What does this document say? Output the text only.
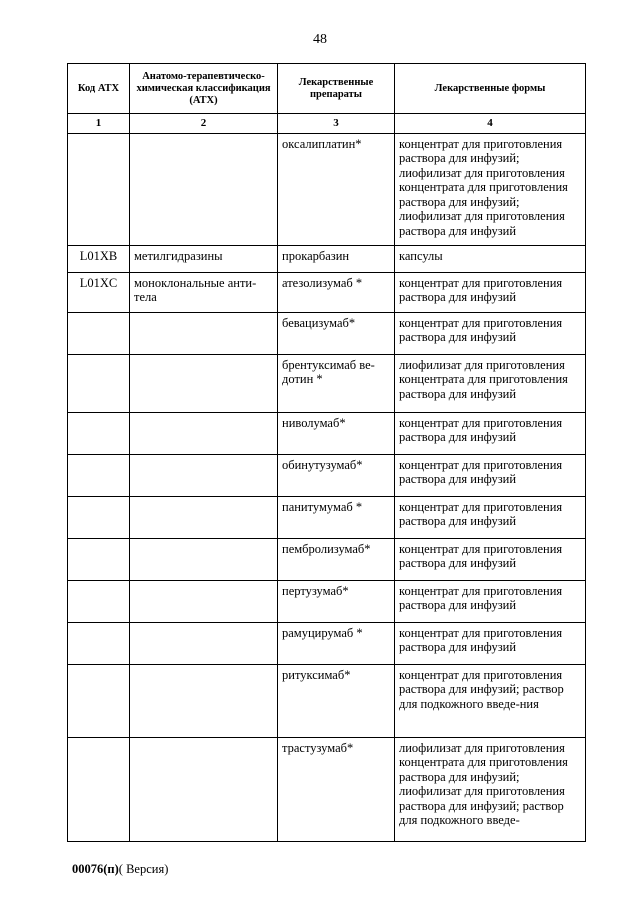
48
Код АТХ	Анатомо-терапевтическо-химическая классификация (АТХ)	Лекарственные препараты	Лекарственные формы
1	2	3	4
		оксалиплатин*	концентрат для приготовления раствора для инфузий; лиофилизат для приготовления концентрата для приготовления раствора для инфузий; лиофилизат для приготовления раствора для инфузий
L01XB	метилгидразины	прокарбазин	капсулы
L01XC	моноклональные анти-тела	атезолизумаб *	концентрат для приготовления раствора для инфузий
		бевацизумаб*	концентрат для приготовления раствора для инфузий
		брентуксимаб ве-дотин *	лиофилизат для приготовления концентрата для приготовления раствора для инфузий
		ниволумаб*	концентрат для приготовления раствора для инфузий
		обинутузумаб*	концентрат для приготовления раствора для инфузий
		панитумумаб *	концентрат для приготовления раствора для инфузий
		пембролизумаб*	концентрат для приготовления раствора для инфузий
		пертузумаб*	концентрат для приготовления раствора для инфузий
		рамуцирумаб *	концентрат для приготовления раствора для инфузий
		ритуксимаб*	концентрат для приготовления раствора для инфузий; раствор для подкожного введе-ния
		трастузумаб*	лиофилизат для приготовления концентрата для приготовления раствора для инфузий; лиофилизат для приготовления раствора для инфузий; раствор для подкожного введе-
00076(п)( Версия)
